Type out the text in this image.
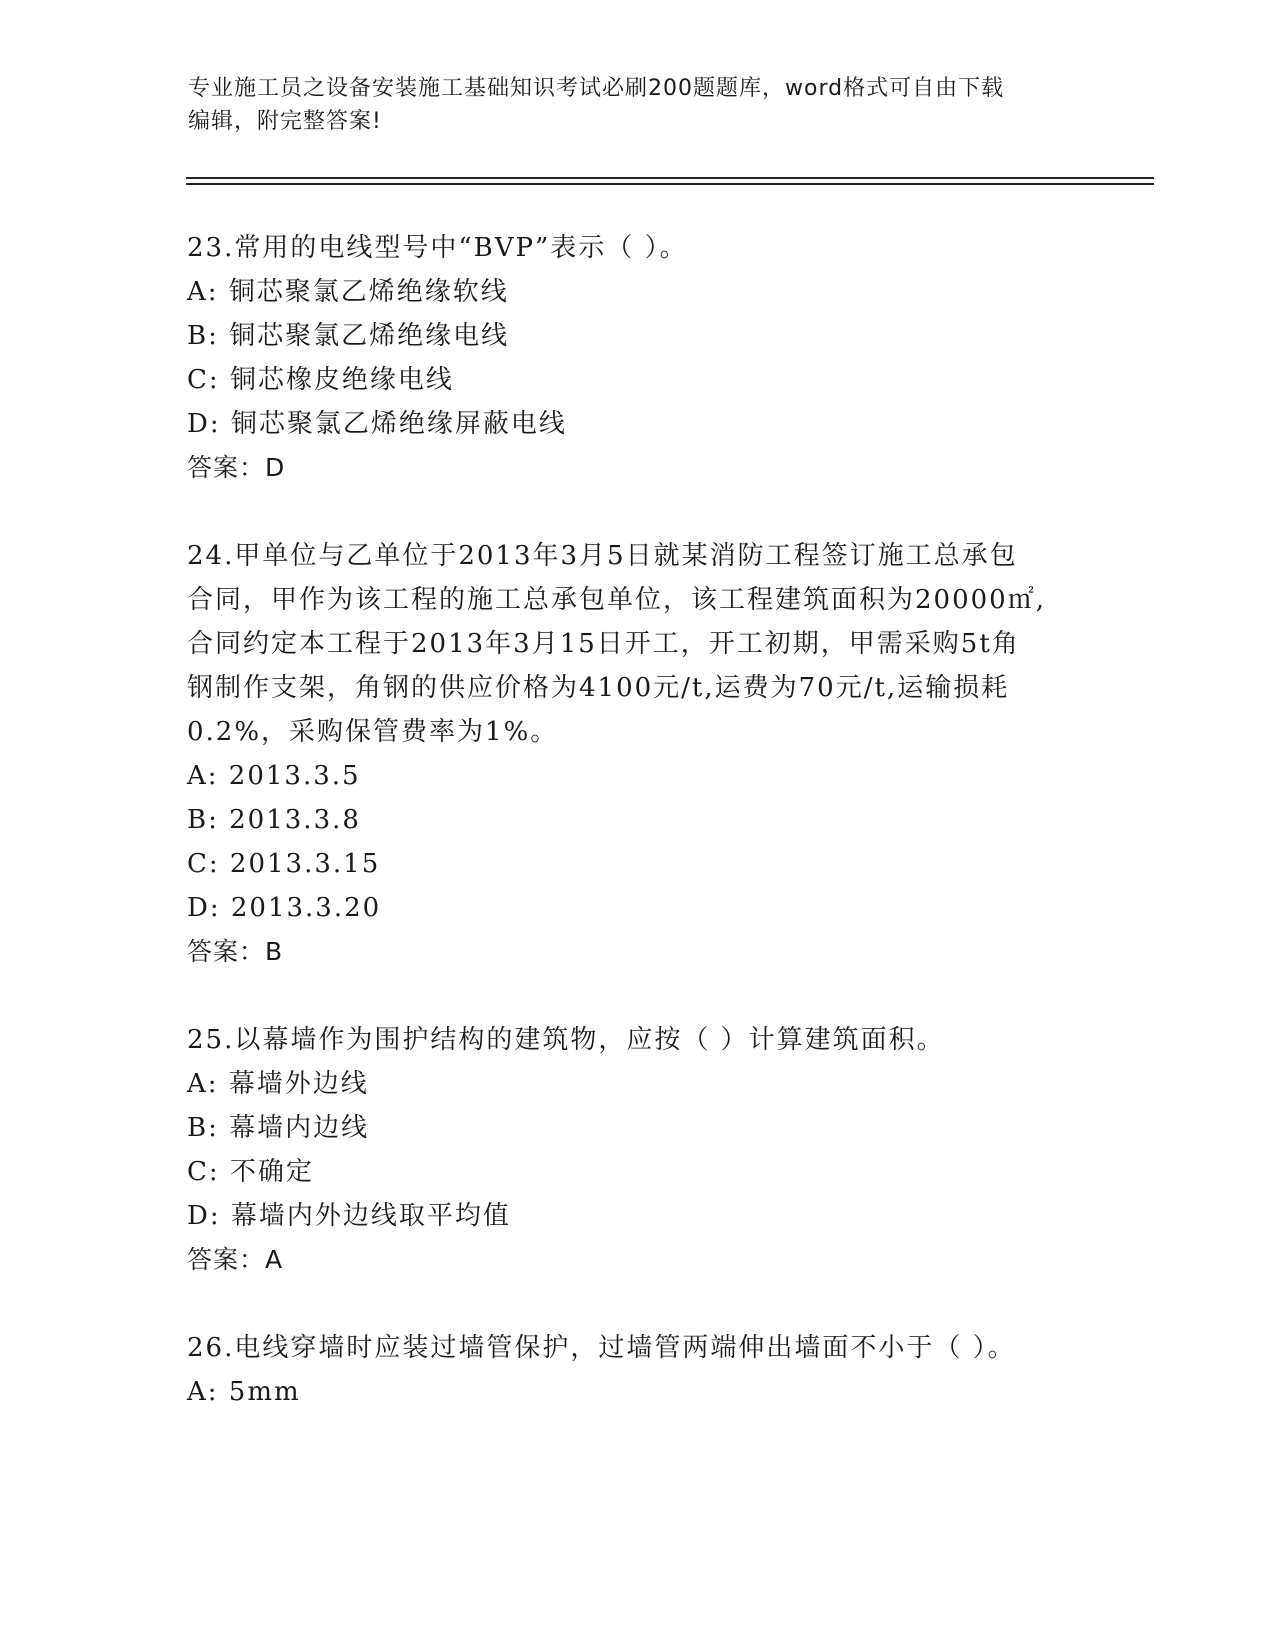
专业施工员之设备安装施工基础知识考试必刷200题题库，word格式可自由下载
编辑，附完整答案!
23.常用的电线型号中“BVP”表示（ ）。
A: 铜芯聚氯乙烯绝缘软线
B: 铜芯聚氯乙烯绝缘电线
C: 铜芯橡皮绝缘电线
D: 铜芯聚氯乙烯绝缘屏蔽电线
答案：D
24.甲单位与乙单位于2013年3月5日就某消防工程签订施工总承包
合同，甲作为该工程的施工总承包单位，该工程建筑面积为20000㎡,
合同约定本工程于2013年3月15日开工，开工初期，甲需采购5t角
钢制作支架，角钢的供应价格为4100元/t,运费为70元/t,运输损耗
0.2%，采购保管费率为1%。
A: 2013.3.5
B: 2013.3.8
C: 2013.3.15
D: 2013.3.20
答案：B
25.以幕墙作为围护结构的建筑物，应按（ ）计算建筑面积。
A: 幕墙外边线
B: 幕墙内边线
C: 不确定
D: 幕墙内外边线取平均值
答案：A
26.电线穿墙时应装过墙管保护，过墙管两端伸出墙面不小于（ ）。
A: 5mm
